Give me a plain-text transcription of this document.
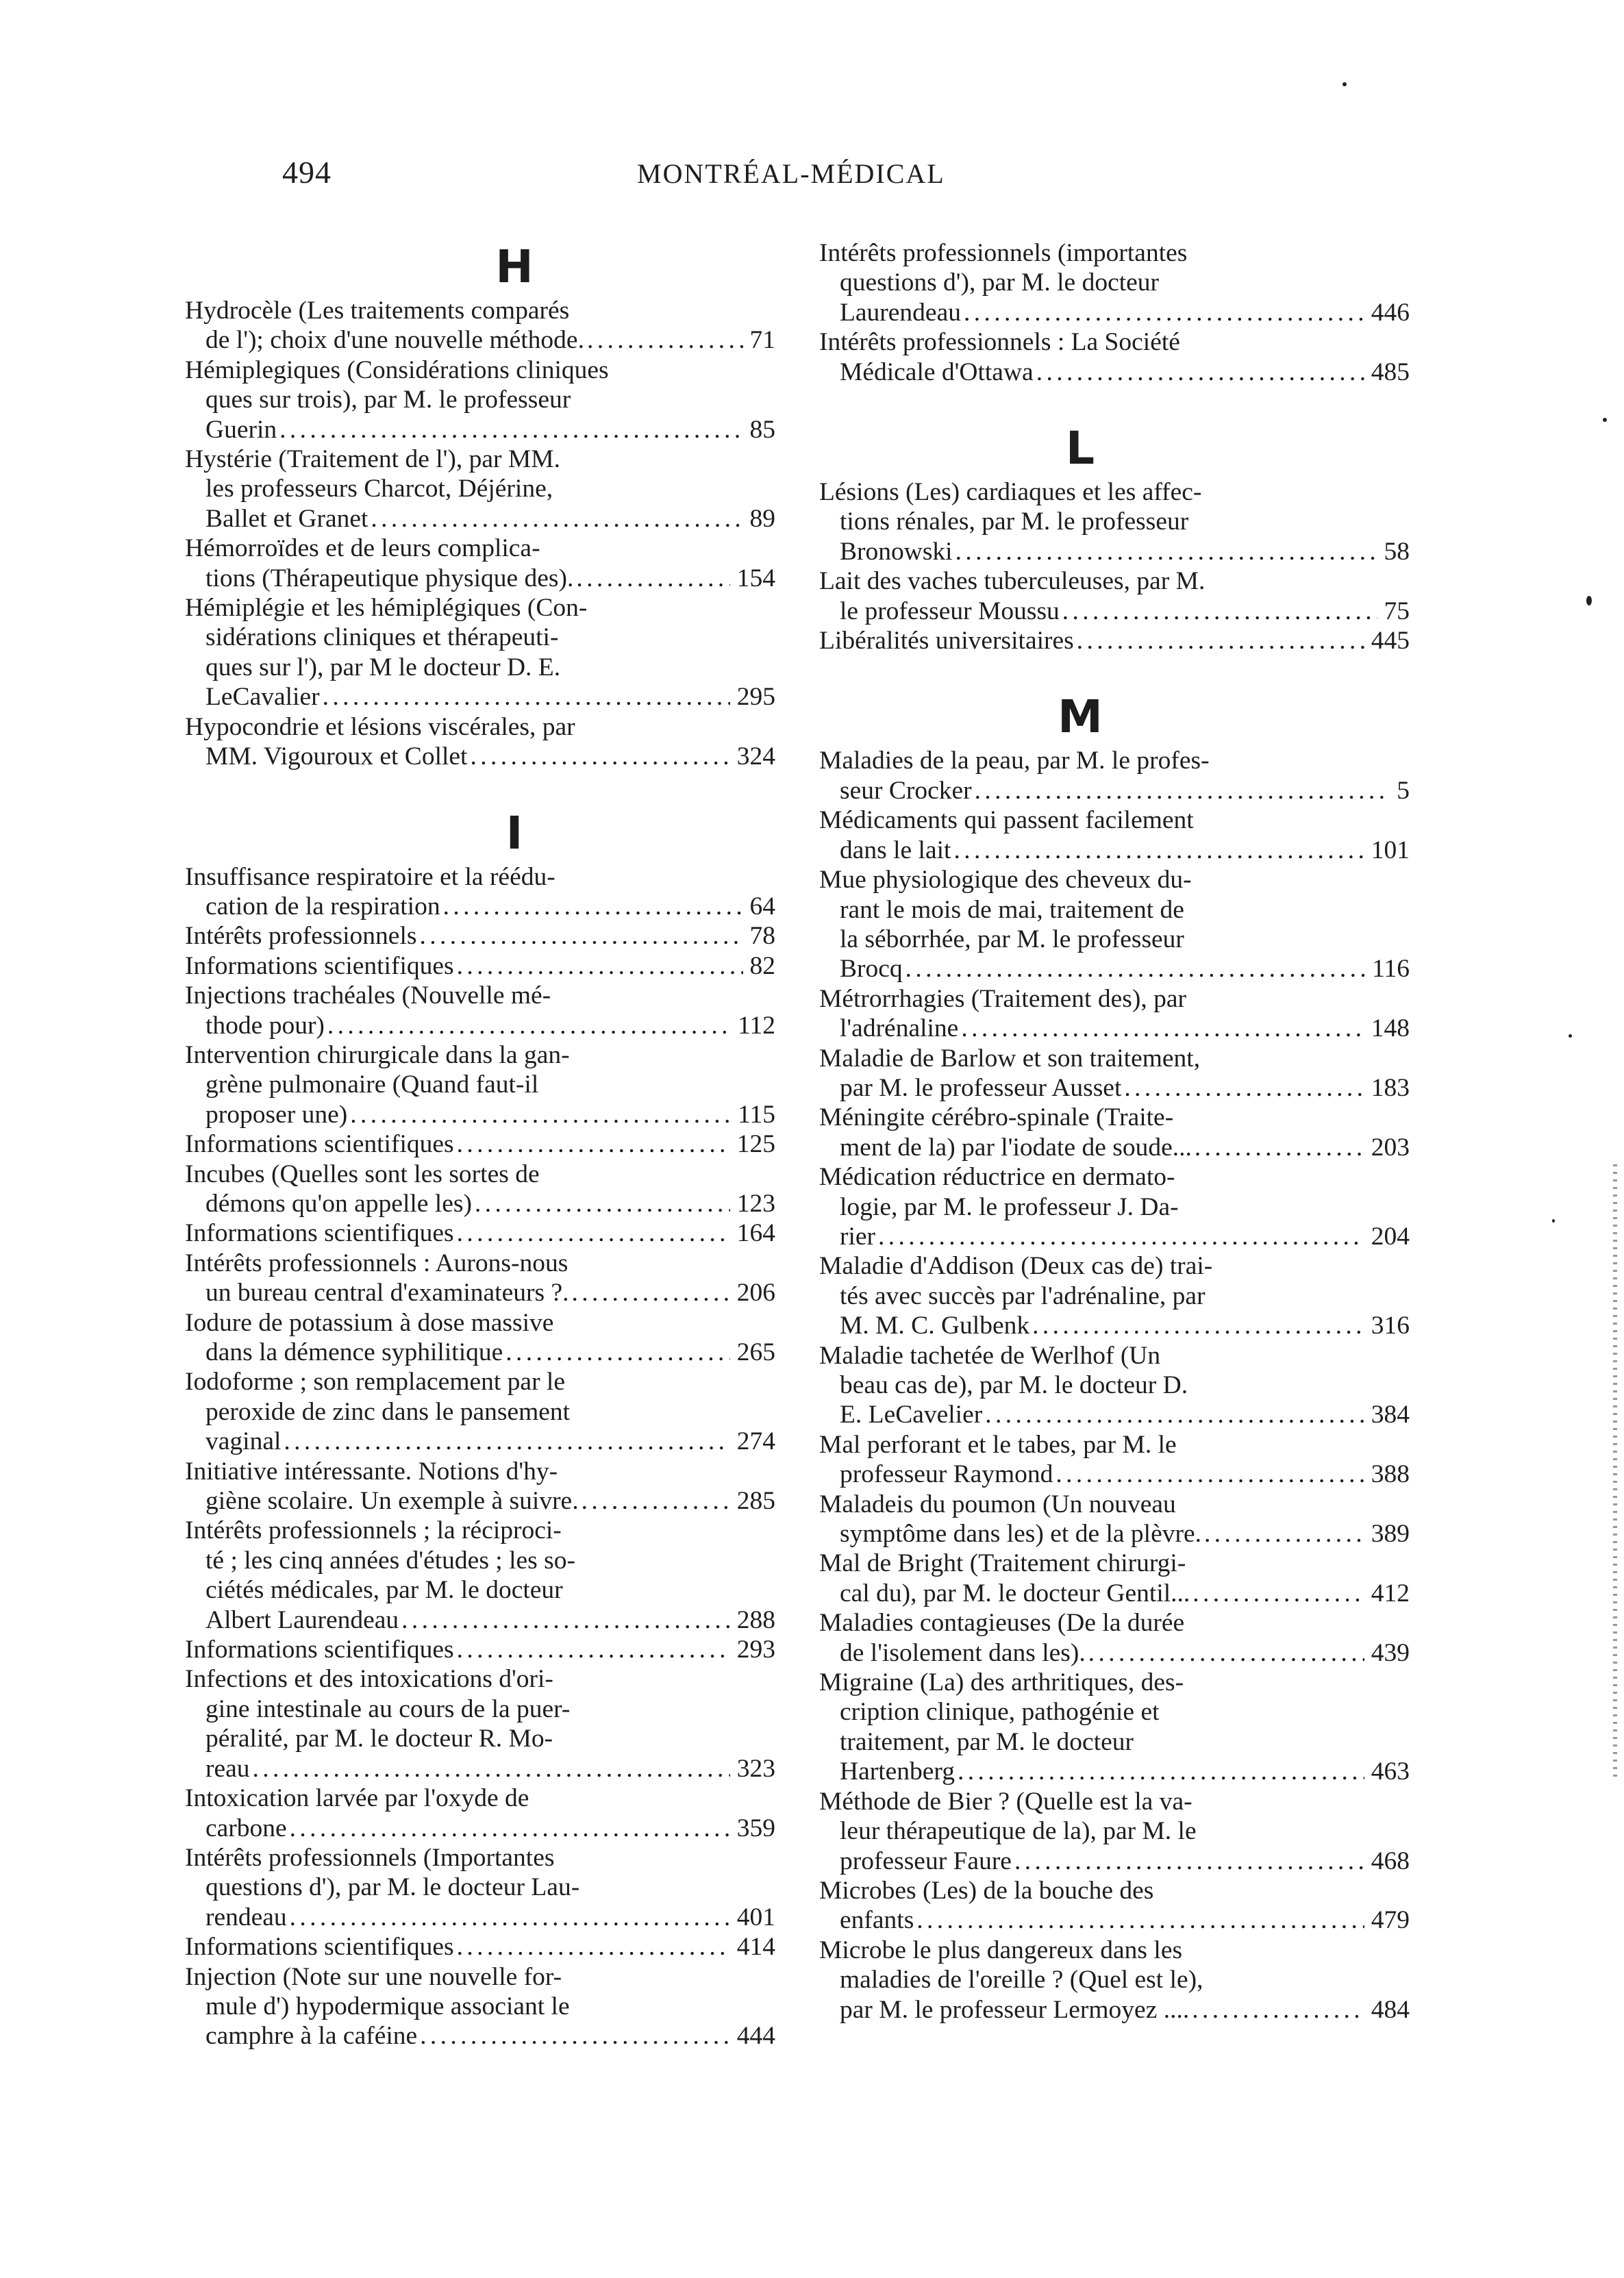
494	MONTRÉAL-MÉDICAL
H
Hydrocèle (Les traitements comparés
de l'); choix d'une nouvelle méthode. . . .	71
Hémiplegiques (Considérations cliniques
ques sur trois), par M. le professeur
Guerin . . .	85
Hystérie (Traitement de l'), par MM.
les professeurs Charcot, Déjérine,
Ballet et Granet . . .	89
Hémorroïdes et de leurs complica-
tions (Thérapeutique physique des). . . .	154
Hémiplégie et les hémiplégiques (Con-
sidérations cliniques et thérapeuti-
ques sur l'), par M le docteur D. E.
LeCavalier . . .	295
Hypocondrie et lésions viscérales, par
MM. Vigouroux et Collet . . .	324
I
Insuffisance respiratoire et la réédu-
cation de la respiration . . .	64
Intérêts professionnels . . .	78
Informations scientifiques . . .	82
Injections trachéales (Nouvelle mé-
thode pour) . . .	112
Intervention chirurgicale dans la gan-
grène pulmonaire (Quand faut-il
proposer une) . . .	115
Informations scientifiques . . .	125
Incubes (Quelles sont les sortes de
démons qu'on appelle les) . . .	123
Informations scientifiques . . .	164
Intérêts professionnels : Aurons-nous
un bureau central d'examinateurs ?. . . .	206
Iodure de potassium à dose massive
dans la démence syphilitique . . .	265
Iodoforme ; son remplacement par le
peroxide de zinc dans le pansement
vaginal . . .	274
Initiative intéressante. Notions d'hy-
giène scolaire. Un exemple à suivre. . . .	285
Intérêts professionnels ; la réciproci-
té ; les cinq années d'études ; les so-
ciétés médicales, par M. le docteur
Albert Laurendeau . . .	288
Informations scientifiques . . .	293
Infections et des intoxications d'ori-
gine intestinale au cours de la puer-
péralité, par M. le docteur R. Mo-
reau . . .	323
Intoxication larvée par l'oxyde de
carbone . . .	359
Intérêts professionnels (Importantes
questions d'), par M. le docteur Lau-
rendeau . . .	401
Informations scientifiques . . .	414
Injection (Note sur une nouvelle for-
mule d') hypodermique associant le
camphre à la caféine . . .	444
Intérêts professionnels (importantes
questions d'), par M. le docteur
Laurendeau . . .	446
Intérêts professionnels : La Société
Médicale d'Ottawa . . .	485
L
Lésions (Les) cardiaques et les affec-
tions rénales, par M. le professeur
Bronowski . . .	58
Lait des vaches tuberculeuses, par M.
le professeur Moussu . . .	75
Libéralités universitaires . . .	445
M
Maladies de la peau, par M. le profes-
seur Crocker . . .	5
Médicaments qui passent facilement
dans le lait . . .	101
Mue physiologique des cheveux du-
rant le mois de mai, traitement de
la séborrhée, par M. le professeur
Brocq . . .	116
Métrorrhagies (Traitement des), par
l'adrénaline . . .	148
Maladie de Barlow et son traitement,
par M. le professeur Ausset . . .	183
Méningite cérébro-spinale (Traite-
ment de la) par l'iodate de soude... . . .	203
Médication réductrice en dermato-
logie, par M. le professeur J. Da-
rier . . .	204
Maladie d'Addison (Deux cas de) trai-
tés avec succès par l'adrénaline, par
M. M. C. Gulbenk . . .	316
Maladie tachetée de Werlhof (Un
beau cas de), par M. le docteur D.
E. LeCavelier . . .	384
Mal perforant et le tabes, par M. le
professeur Raymond . . .	388
Maladeis du poumon (Un nouveau
symptôme dans les) et de la plèvre. . . .	389
Mal de Bright (Traitement chirurgi-
cal du), par M. le docteur Gentil... . . .	412
Maladies contagieuses (De la durée
de l'isolement dans les). . . .	439
Migraine (La) des arthritiques, des-
cription clinique, pathogénie et
traitement, par M. le docteur
Hartenberg . . .	463
Méthode de Bier ? (Quelle est la va-
leur thérapeutique de la), par M. le
professeur Faure . . .	468
Microbes (Les) de la bouche des
enfants . . .	479
Microbe le plus dangereux dans les
maladies de l'oreille ? (Quel est le),
par M. le professeur Lermoyez .... . . .	484
